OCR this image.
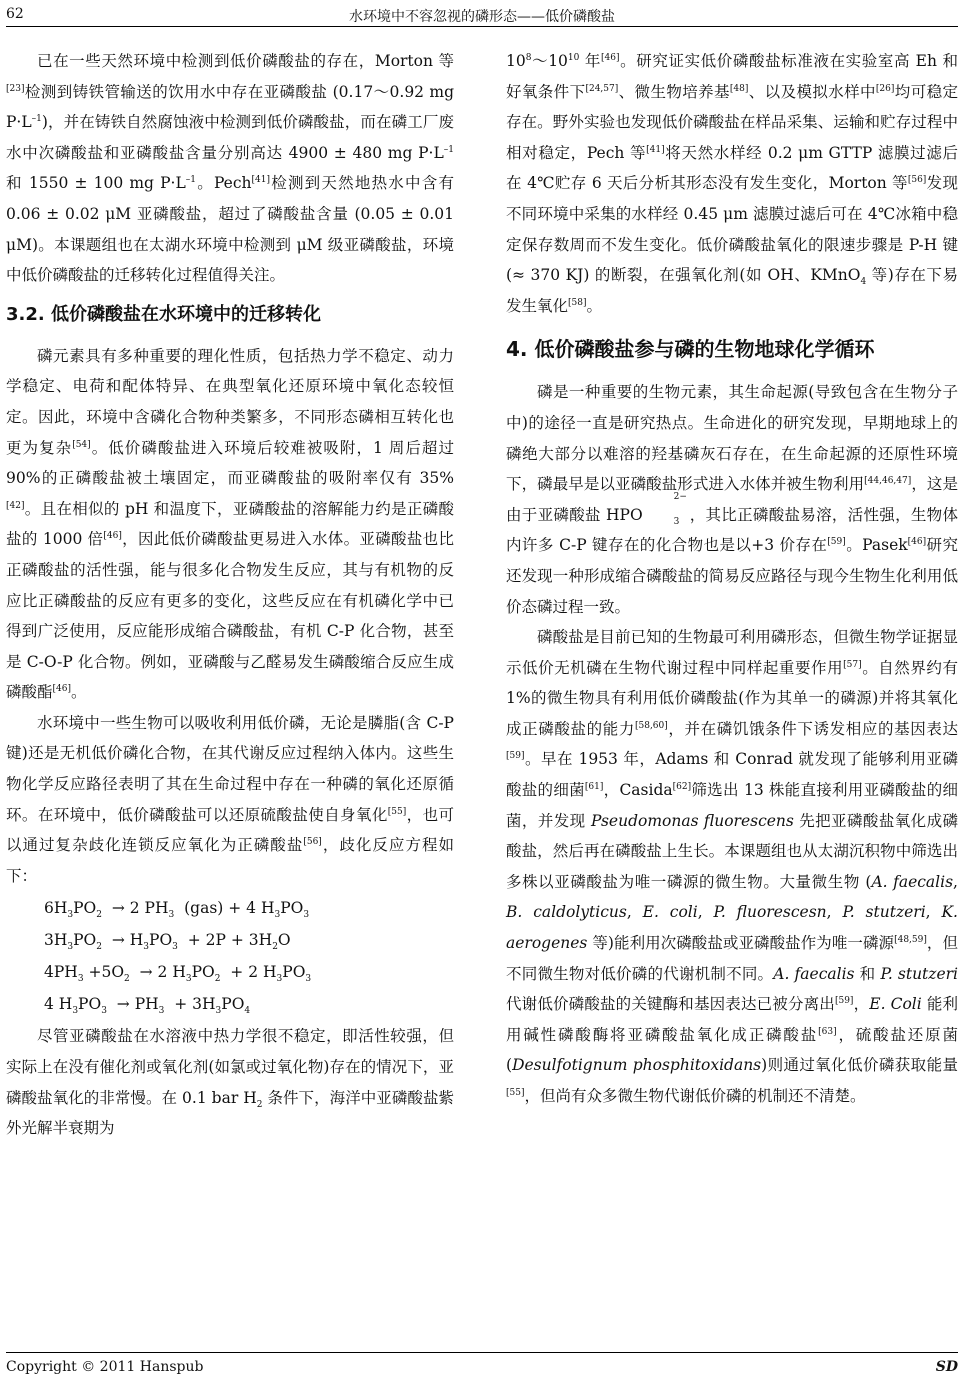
62	水环境中不容忽视的磷形态——低价磷酸盐

已在一些天然环境中检测到低价磷酸盐的存在，Morton 等[23]检测到铸铁管输送的饮用水中存在亚磷酸盐 (0.17～0.92 mg $P\cdot L^{-1}$)，并在铸铁自然腐蚀液中检测到低价磷酸盐，而在磷工厂废水中次磷酸盐和亚磷酸盐含量分别高达 4900 ± 480 mg $P\cdot L^{-1}$ 和 1550 ± 100 mg $P\cdot L^{-1}$。Pech[41]检测到天然地热水中含有 0.06 ± 0.02 μM 亚磷酸盐，超过了磷酸盐含量 (0.05 ± 0.01 μM)。本课题组也在太湖水环境中检测到 μM 级亚磷酸盐，环境中低价磷酸盐的迁移转化过程值得关注。

3.2. 低价磷酸盐在水环境中的迁移转化

磷元素具有多种重要的理化性质，包括热力学不稳定、动力学稳定、电荷和配体特异、在典型氧化还原环境中氧化态较恒定。因此，环境中含磷化合物种类繁多，不同形态磷相互转化也更为复杂[54]。低价磷酸盐进入环境后较难被吸附，1 周后超过 90%的正磷酸盐被土壤固定，而亚磷酸盐的吸附率仅有 35%[42]。且在相似的 pH 和温度下，亚磷酸盐的溶解能力约是正磷酸盐的 1000 倍[46]，因此低价磷酸盐更易进入水体。亚磷酸盐也比正磷酸盐的活性强，能与很多化合物发生反应，其与有机物的反应比正磷酸盐的反应有更多的变化，这些反应在有机磷化学中已得到广泛使用，反应能形成缩合磷酸盐，有机 C-P 化合物，甚至是 C-O-P 化合物。例如，亚磷酸与乙醛易发生磷酸缩合反应生成磷酸酯[46]。

水环境中一些生物可以吸收利用低价磷，无论是膦脂(含 C-P 键)还是无机低价磷化合物，在其代谢反应过程纳入体内。这些生物化学反应路径表明了其在生命过程中存在一种磷的氧化还原循环。在环境中，低价磷酸盐可以还原硫酸盐使自身氧化[55]，也可以通过复杂歧化连锁反应氧化为正磷酸盐[56]，歧化反应方程如下：

$6H_3PO_2 \to 2$ $PH_3$  (gas) + 4 $H_3PO_3$
$3H_3PO_2 \to H_3PO_3 + 2P + 3H_2O$
$4PH_3 +5O_2 \to 2$ $H_3PO_2 + 2$ $H_3PO_3$
4 $H_3PO_3 \to PH_3 + 3H_3PO_4$

尽管亚磷酸盐在水溶液中热力学很不稳定，即活性较强，但实际上在没有催化剂或氧化剂(如氯或过氧化物)存在的情况下，亚磷酸盐氧化的非常慢。在 0.1 bar $H_2$ 条件下，海洋中亚磷酸盐紫外光解半衰期为

$10^8\sim 10^{10}$ 年[46]。研究证实低价磷酸盐标准液在实验室高 Eh 和好氧条件下[24,57]、微生物培养基[48]、以及模拟水样中[26]均可稳定存在。野外实验也发现低价磷酸盐在样品采集、运输和贮存过程中相对稳定，Pech 等[41]将天然水样经 0.2 μm GTTP 滤膜过滤后在 4℃贮存 6 天后分析其形态没有发生变化，Morton 等[56]发现不同环境中采集的水样经 0.45 μm 滤膜过滤后可在 4℃冰箱中稳定保存数周而不发生变化。低价磷酸盐氧化的限速步骤是 P-H 键 (≈ 370 KJ) 的断裂，在强氧化剂(如 OH、KMnO$_4$ 等)存在下易发生氧化[58]。

4. 低价磷酸盐参与磷的生物地球化学循环

磷是一种重要的生物元素，其生命起源(导致包含在生物分子中)的途径一直是研究热点。生命进化的研究发现，早期地球上的磷绝大部分以难溶的羟基磷灰石存在，在生命起源的还原性环境下，磷最早是以亚磷酸盐形式进入水体并被生物利用[44,46,47]，这是由于亚磷酸盐 HPO
2−
$_3$ ，其比正磷酸盐易溶，活性强，生物体内许多 C-P 键存在的化合物也是以+3 价存在[59]。Pasek[46]研究还发现一种形成缩合磷酸盐的简易反应路径与现今生物生化利用低价态磷过程一致。

磷酸盐是目前已知的生物最可利用磷形态，但微生物学证据显示低价无机磷在生物代谢过程中同样起重要作用[57]。自然界约有 1%的微生物具有利用低价磷酸盐(作为其单一的磷源)并将其氧化成正磷酸盐的能力[58,60]，并在磷饥饿条件下诱发相应的基因表达[59]。早在 1953 年，Adams 和 Conrad 就发现了能够利用亚磷酸盐的细菌[61]，Casida[62]筛选出 13 株能直接利用亚磷酸盐的细菌，并发现 Pseudomonas fluorescens 先把亚磷酸盐氧化成磷酸盐，然后再在磷酸盐上生长。本课题组也从太湖沉积物中筛选出多株以亚磷酸盐为唯一磷源的微生物。大量微生物 (A. faecalis, B. caldolyticus, E. coli, P. fluorescesn, P. stutzeri, K. aerogenes 等)能利用次磷酸盐或亚磷酸盐作为唯一磷源[48,59]，但不同微生物对低价磷的代谢机制不同。A. faecalis 和 P. stutzeri 代谢低价磷酸盐的关键酶和基因表达已被分离出[59]，E. Coli 能利用碱性磷酸酶将亚磷酸盐氧化成正磷酸盐[63]，硫酸盐还原菌(Desulfotignum phosphitoxidans)则通过氧化低价磷获取能量[55]，但尚有众多微生物代谢低价磷的机制还不清楚。

Copyright © 2011 Hanspub	SD
